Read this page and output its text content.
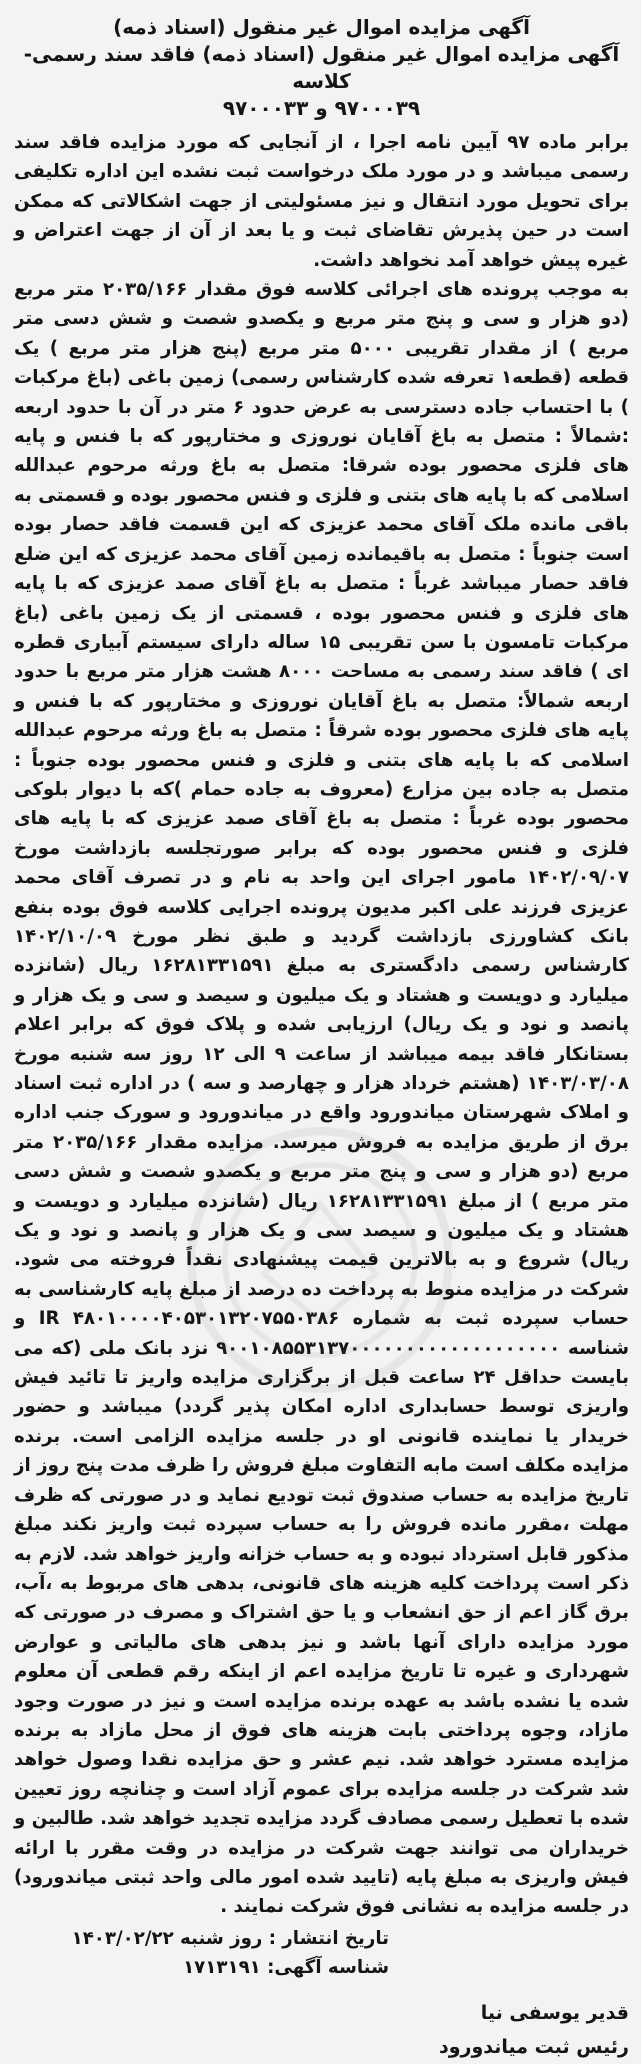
آگهی مزایده اموال غیر منقول (اسناد ذمه)

آگهی مزایده اموال غیر منقول (اسناد ذمه) فاقد سند رسمی- کلاسه

۹۷۰۰۰۳۹ و ۹۷۰۰۰۳۳

برابر ماده ۹۷ آیین نامه اجرا ، از آنجایی که مورد مزایده فاقد سند رسمی میباشد و در مورد ملک درخواست ثبت نشده این اداره تکلیفی برای تحویل مورد انتقال و نیز مسئولیتی از جهت اشکالاتی که ممکن است در حین پذیرش تقاضای ثبت و یا بعد از آن از جهت اعتراض و غیره پیش خواهد آمد نخواهد داشت.

به موجب پرونده های اجرائی کلاسه فوق مقدار ۲۰۳۵/۱۶۶ متر مربع (دو هزار و سی و پنج متر مربع و یکصدو شصت و شش دسی متر مربع ) از مقدار تقریبی ۵۰۰۰ متر مربع (پنج هزار متر مربع ) یک قطعه (قطعه۱ تعرفه شده کارشناس رسمی) زمین باغی (باغ مرکبات ) با احتساب جاده دسترسی به عرض حدود ۶ متر در آن با حدود اربعه :شمالاً : متصل به باغ آقایان نوروزی و مختارپور که با فنس و پایه های فلزی محصور بوده شرقا: متصل به باغ ورثه مرحوم عبدالله اسلامی که با پایه های بتنی و فلزی و فنس محصور بوده و قسمتی به باقی مانده ملک آقای محمد عزیزی که این قسمت فاقد حصار بوده است جنوباً : متصل به باقیمانده زمین آقای محمد عزیزی که این ضلع فاقد حصار میباشد غرباً : متصل به باغ آقای صمد عزیزی که با پایه های فلزی و فنس محصور بوده ، قسمتی از یک زمین باغی (باغ مرکبات تامسون با سن تقریبی ۱۵ ساله دارای سیستم آبیاری قطره ای ) فاقد سند رسمی به مساحت ۸۰۰۰ هشت هزار متر مربع با حدود اربعه شمالاً: متصل به باغ آقایان نوروزی و مختارپور که با فنس و پایه های فلزی محصور بوده شرقاً : متصل به باغ ورثه مرحوم عبدالله اسلامی که با پایه های بتنی و فلزی و فنس محصور بوده جنوباً : متصل به جاده بین مزارع (معروف به جاده حمام )که با دیوار بلوکی محصور بوده غرباً : متصل به باغ آقای صمد عزیزی که با پایه های فلزی و فنس محصور بوده که برابر صورتجلسه بازداشت مورخ ۱۴۰۲/۰۹/۰۷ مامور اجرای این واحد به نام و در تصرف آقای محمد عزیزی فرزند علی اکبر مدیون پرونده اجرایی کلاسه فوق بوده بنفع بانک کشاورزی بازداشت گردید و طبق نظر مورخ ۱۴۰۲/۱۰/۰۹ کارشناس رسمی دادگستری به مبلغ ۱۶۲۸۱۳۳۱۵۹۱ ریال (شانزده میلیارد و دویست و هشتاد و یک میلیون و سیصد و سی و یک هزار و پانصد و نود و یک ریال) ارزیابی شده و پلاک فوق که برابر اعلام بستانکار فاقد بیمه میباشد از ساعت ۹ الی ۱۲ روز سه شنبه مورخ ۱۴۰۳/۰۳/۰۸ (هشتم خرداد هزار و چهارصد و سه ) در اداره ثبت اسناد و املاک شهرستان میاندورود واقع در میاندورود و سورک جنب اداره برق از طریق مزایده به فروش میرسد. مزایده مقدار ۲۰۳۵/۱۶۶ متر مربع (دو هزار و سی و پنج متر مربع و یکصدو شصت و شش دسی متر مربع ) از مبلغ ۱۶۲۸۱۳۳۱۵۹۱ ریال (شانزده میلیارد و دویست و هشتاد و یک میلیون و سیصد سی و یک هزار و پانصد و نود و یک ریال) شروع و به بالاترین قیمت پیشنهادی نقداً فروخته می شود. شرکت در مزایده منوط به پرداخت ده درصد از مبلغ پایه کارشناسی به حساب سپرده ثبت به شماره IR ۴۸۰۱۰۰۰۰۴۰۵۳۰۱۳۲۰۷۵۵۰۳۸۶ و شناسه ۹۰۰۱۰۸۵۵۳۱۳۷۰۰۰۰۰۰۰۰۰۰۰۰۰۰۰۰۰۰۰ نزد بانک ملی (که می بایست حداقل ۲۴ ساعت قبل از برگزاری مزایده واریز تا تائید فیش واریزی توسط حسابداری اداره امکان پذیر گردد) میباشد و حضور خریدار یا نماینده قانونی او در جلسه مزایده الزامی است. برنده مزایده مکلف است مابه التفاوت مبلغ فروش را ظرف مدت پنج روز از تاریخ مزایده به حساب صندوق ثبت تودیع نماید و در صورتی که ظرف مهلت ،مقرر مانده فروش را به حساب سپرده ثبت واریز نکند مبلغ مذکور قابل استرداد نبوده و به حساب خزانه واریز خواهد شد. لازم به ذکر است پرداخت کلیه هزینه های قانونی، بدهی های مربوط به ،آب، برق گاز اعم از حق انشعاب و یا حق اشتراک و مصرف در صورتی که مورد مزایده دارای آنها باشد و نیز بدهی های مالیاتی و عوارض شهرداری و غیره تا تاریخ مزایده اعم از اینکه رقم قطعی آن معلوم شده یا نشده باشد به عهده برنده مزایده است و نیز در صورت وجود مازاد، وجوه پرداختی بابت هزینه های فوق از محل مازاد به برنده مزایده مسترد خواهد شد. نیم عشر و حق مزایده نقدا وصول خواهد شد شرکت در جلسه مزایده برای عموم آزاد است و چنانچه روز تعیین شده با تعطیل رسمی مصادف گردد مزایده تجدید خواهد شد. طالبین و خریداران می توانند جهت شرکت در مزایده در وقت مقرر با ارائه فیش واریزی به مبلغ پایه (تایید شده امور مالی واحد ثبتی میاندورود) در جلسه مزایده به نشانی فوق شرکت نمایند .

تاریخ انتشار : روز شنبه ۱۴۰۳/۰۲/۲۲
شناسه آگهی: ۱۷۱۳۱۹۱
قدیر یوسفی نیا
رئیس ثبت میاندورود
